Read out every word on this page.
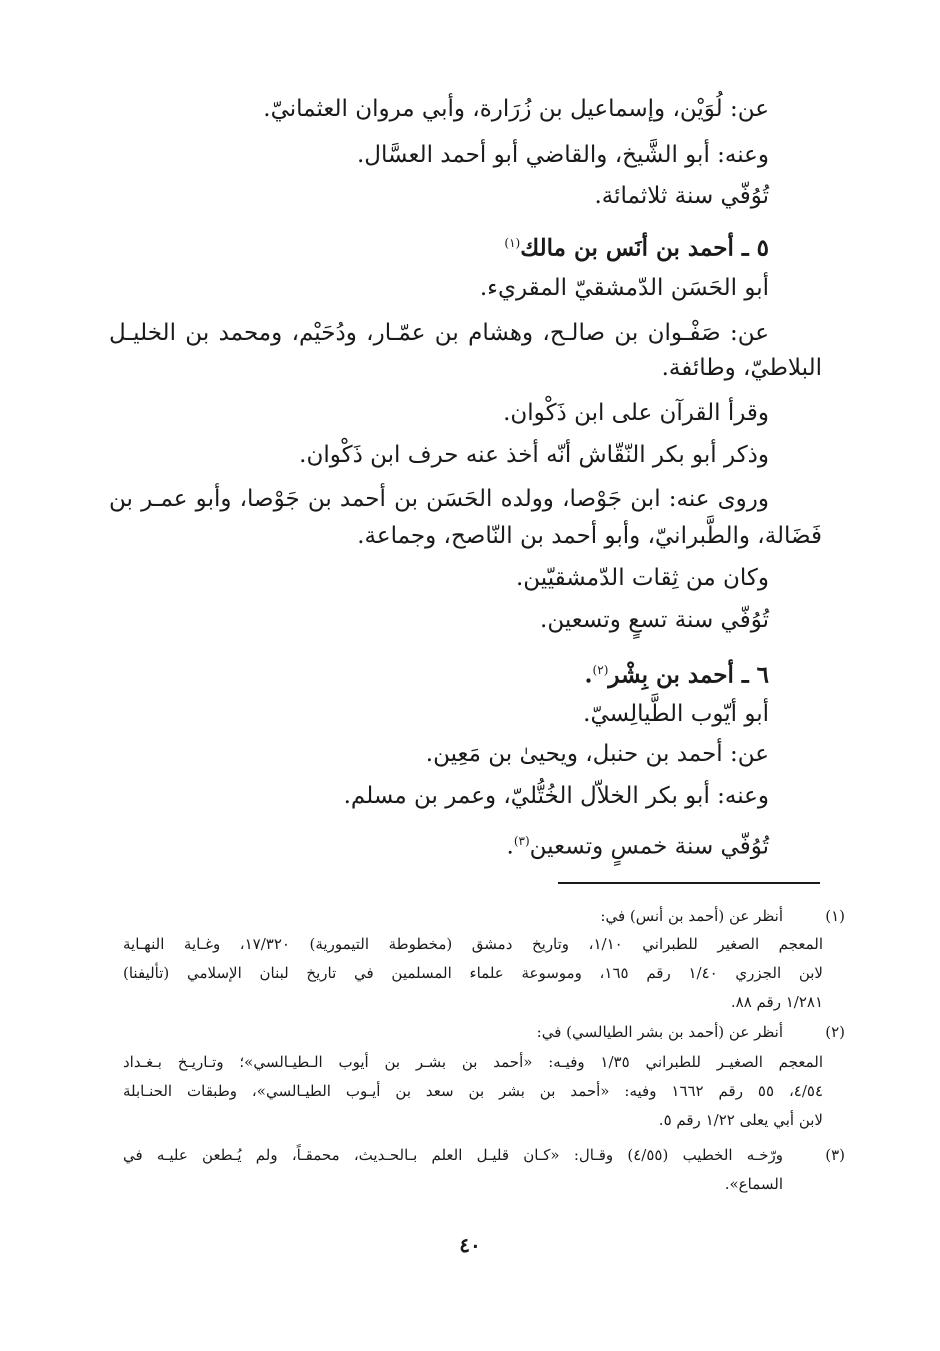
عن: لُوَيْن، وإسماعيل بن زُرَارة، وأبي مروان العثمانيّ.
وعنه: أبو الشَّيخ، والقاضي أبو أحمد العسَّال.
تُوُفّي سنة ثلاثمائة.
٥ ـ أحمد بن أنَس بن مالك$^{(١)}$
أبو الحَسَن الدّمشقيّ المقريء.
عن: صَفْـوان بن صالـح، وهشام بن عمّـار، ودُحَيْم، ومحمد بن الخليـل
البلاطيّ، وطائفة.
وقرأ القرآن على ابن ذَكْوان.
وذكر أبو بكر النّقّاش أنّه أخذ عنه حرف ابن ذَكْوان.
وروى عنه: ابن جَوْصا، وولده الحَسَن بن أحمد بن جَوْصا، وأبو عمـر بن
فَضَالة، والطَّبرانيّ، وأبو أحمد بن النّاصح، وجماعة.
وكان من ثِقات الدّمشقيّين.
تُوُفّي سنة تسعٍ وتسعين.
٦ ـ أحمد بن بِشْر$^{(٢)}$.
أبو أيّوب الطَّيالِسيّ.
عن: أحمد بن حنبل، ويحيىٰ بن مَعِين.
وعنه: أبو بكر الخلاّل الخُتُّليّ، وعمر بن مسلم.
تُوُفّي سنة خمسٍ وتسعين$^{(٣)}$.
(١)
أنظر عن (أحمد بن أنس) في:
المعجم الصغير للطبراني ١/١٠، وتاريخ دمشق (مخطوطة التيمورية) ١٧/٣٢٠، وغـاية النهـاية
لابن الجزري ١/٤٠ رقم ١٦٥، وموسوعة علماء المسلمين في تاريخ لبنان الإسلامي (تأليفنا)
١/٢٨١ رقم ٨٨.
(٢)
أنظر عن (أحمد بن بشر الطيالسي) في:
المعجم الصغيـر للطبراني ١/٣٥ وفيـه: «أحمد بن بشـر بن أيوب الـطيـالسي»؛ وتـاريـخ بـغـداد
٤/٥٤، ٥٥ رقم ١٦٦٢ وفيه: «أحمد بن بشر بن سعد بن أيـوب الطيـالسي»، وطبقات الحنـابلة
لابن أبي يعلى ١/٢٢ رقم ٥.
(٣)
ورّخـه الخطيب (٤/٥٥) وقـال: «كـان قليـل العلم بـالحـديث، محمقـاً، ولم يُـطعن عليـه في
السماع».
٤٠
